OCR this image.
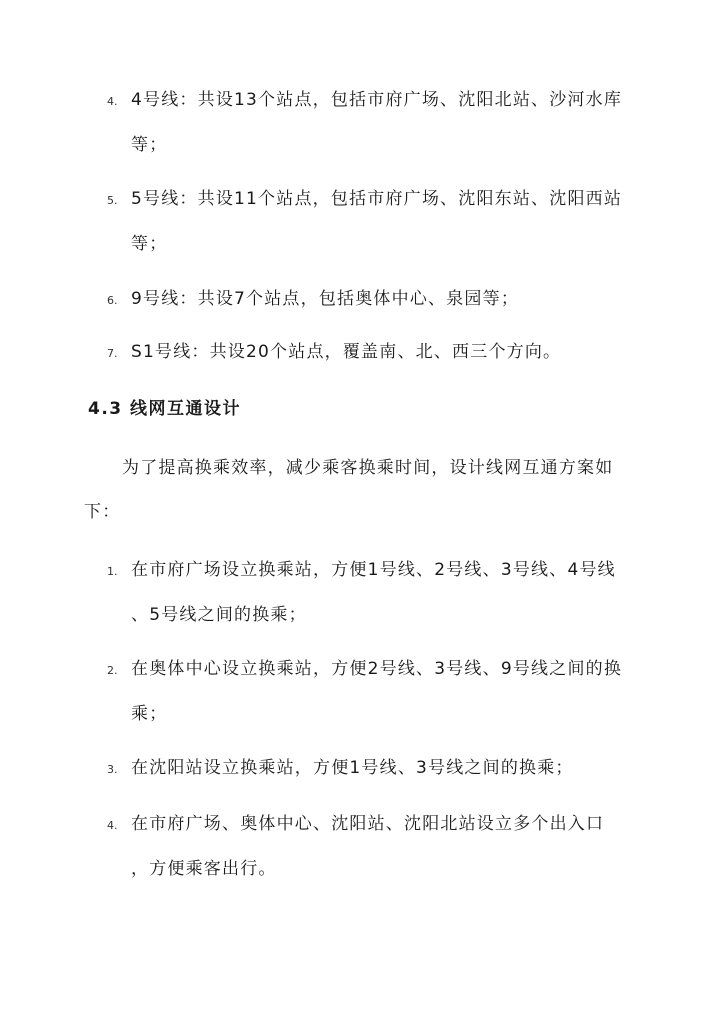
4. 4号线：共设13个站点，包括市府广场、沈阳北站、沙河水库
等；
5. 5号线：共设11个站点，包括市府广场、沈阳东站、沈阳西站
等；
6. 9号线：共设7个站点，包括奥体中心、泉园等；
7. S1号线：共设20个站点，覆盖南、北、西三个方向。
4.3 线网互通设计
为了提高换乘效率，减少乘客换乘时间，设计线网互通方案如
下：
1. 在市府广场设立换乘站，方便1号线、2号线、3号线、4号线
、5号线之间的换乘；
2. 在奥体中心设立换乘站，方便2号线、3号线、9号线之间的换
乘；
3. 在沈阳站设立换乘站，方便1号线、3号线之间的换乘；
4. 在市府广场、奥体中心、沈阳站、沈阳北站设立多个出入口
，方便乘客出行。
